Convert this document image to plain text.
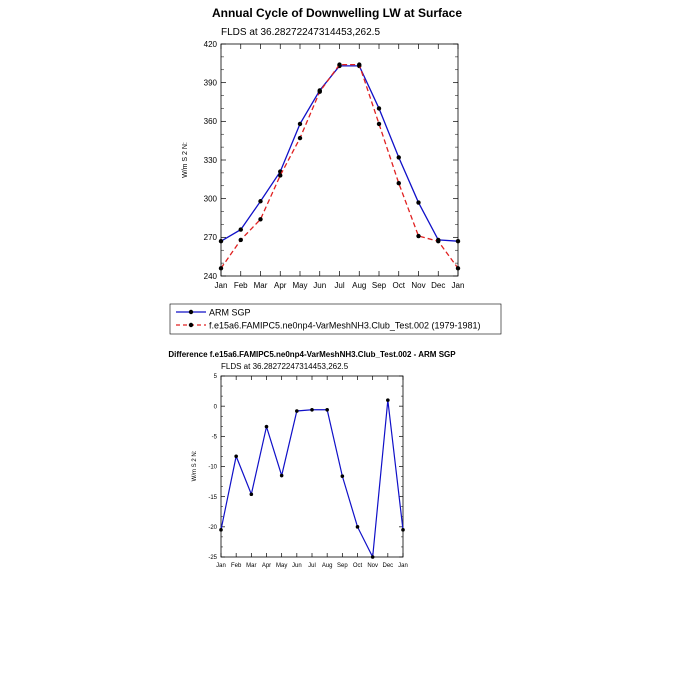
Annual Cycle of Downwelling LW at Surface
FLDS at 36.28272247314453,262.5
W/m S 2 N:
240
270
300
330
360
390
420
Jan Feb Mar Apr May Jun Jul Aug Sep Oct Nov Dec Jan
ARM SGP
f.e15a6.FAMIPC5.ne0np4-VarMeshNH3.Club_Test.002 (1979-1981)
Difference f.e15a6.FAMIPC5.ne0np4-VarMeshNH3.Club_Test.002 - ARM SGP
FLDS at 36.28272247314453,262.5
W/m S 2 N:
-25
-20
-15
-10
-5
0
5
Jan Feb Mar Apr May Jun Jul Aug Sep Oct Nov Dec Jan
